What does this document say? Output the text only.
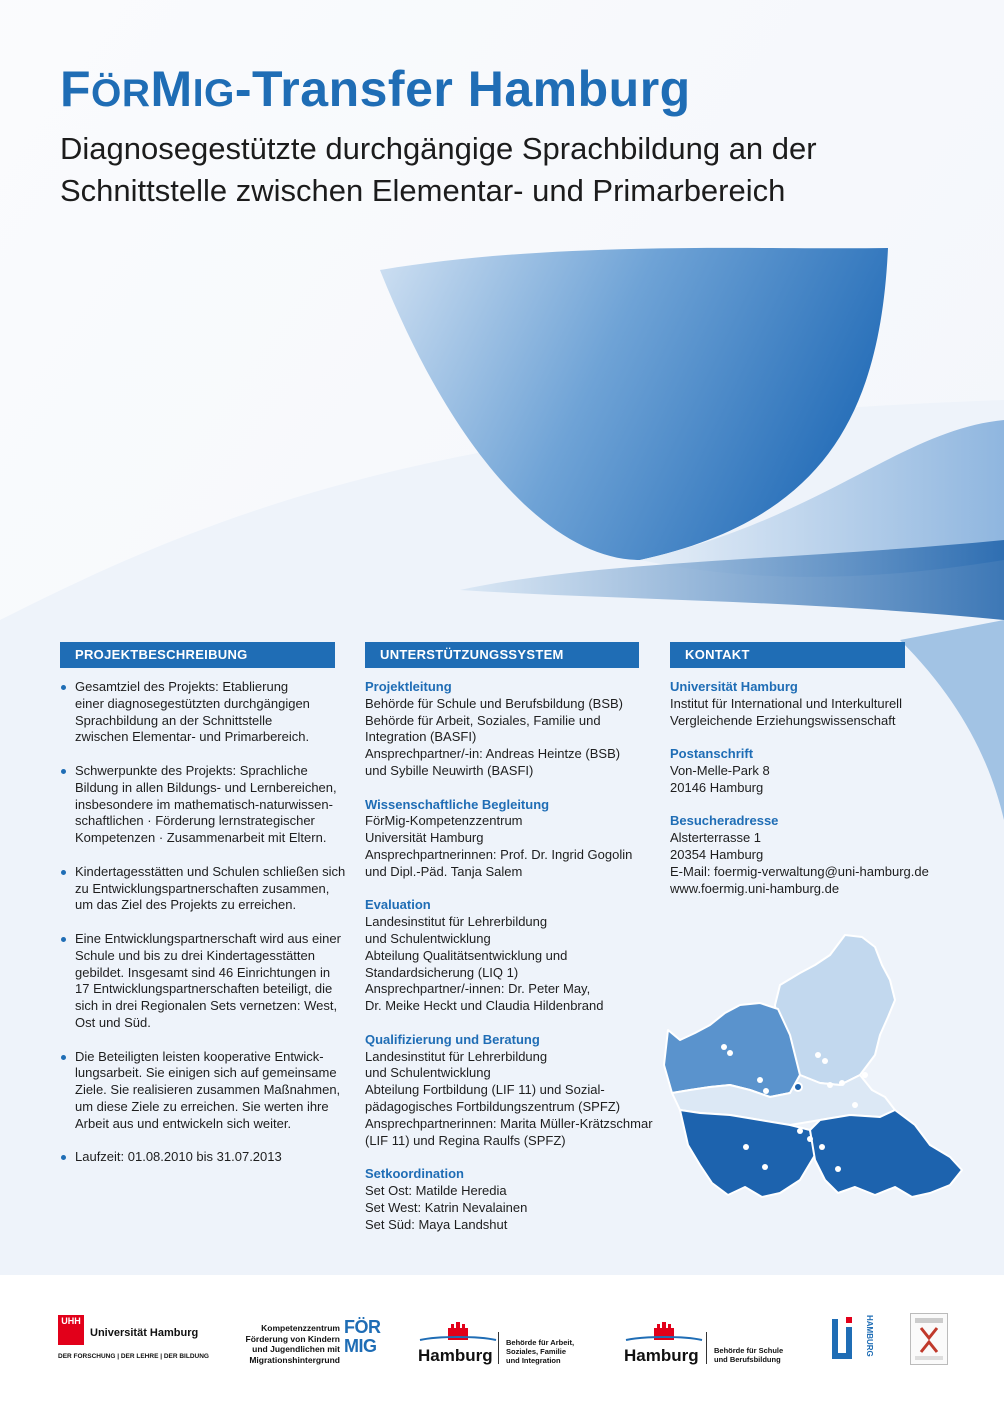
FÖRMIG-Transfer Hamburg
Diagnosegestützte durchgängige Sprachbildung an der
Schnittstelle zwischen Elementar- und Primarbereich
PROJEKTBESCHREIBUNG
Gesamtziel des Projekts: Etablierung
einer diagnosegestützten durchgängigen
Sprachbildung an der Schnittstelle
zwischen Elementar- und Primarbereich.
Schwerpunkte des Projekts: Sprachliche
Bildung in allen Bildungs- und Lernbereichen,
insbesondere im mathematisch-naturwissen-
schaftlichen · Förderung lernstrategischer
Kompetenzen · Zusammenarbeit mit Eltern.
Kindertagesstätten und Schulen schließen sich
zu Entwicklungspartnerschaften zusammen,
um das Ziel des Projekts zu erreichen.
Eine Entwicklungspartnerschaft wird aus einer
Schule und bis zu drei Kindertagesstätten
gebildet. Insgesamt sind 46 Einrichtungen in
17 Entwicklungspartnerschaften beteiligt, die
sich in drei Regionalen Sets vernetzen: West,
Ost und Süd.
Die Beteiligten leisten kooperative Entwick-
lungsarbeit. Sie einigen sich auf gemeinsame
Ziele. Sie realisieren zusammen Maßnahmen,
um diese Ziele zu erreichen. Sie werten ihre
Arbeit aus und entwickeln sich weiter.
Laufzeit: 01.08.2010 bis 31.07.2013
UNTERSTÜTZUNGSSYSTEM
Projektleitung
Behörde für Schule und Berufsbildung (BSB)
Behörde für Arbeit, Soziales, Familie und
Integration (BASFI)
Ansprechpartner/-in: Andreas Heintze (BSB)
und Sybille Neuwirth (BASFI)
Wissenschaftliche Begleitung
FörMig-Kompetenzzentrum
Universität Hamburg
Ansprechpartnerinnen: Prof. Dr. Ingrid Gogolin
und Dipl.-Päd. Tanja Salem
Evaluation
Landesinstitut für Lehrerbildung
und Schulentwicklung
Abteilung Qualitätsentwicklung und
Standardsicherung (LIQ 1)
Ansprechpartner/-innen: Dr. Peter May,
Dr. Meike Heckt und Claudia Hildenbrand
Qualifizierung und Beratung
Landesinstitut für Lehrerbildung
und Schulentwicklung
Abteilung Fortbildung (LIF 11) und Sozial-
pädagogisches Fortbildungszentrum (SPFZ)
Ansprechpartnerinnen: Marita Müller-Krätzschmar
(LIF 11) und Regina Raulfs (SPFZ)
Setkoordination
Set Ost: Matilde Heredia
Set West: Katrin Nevalainen
Set Süd: Maya Landshut
KONTAKT
Universität Hamburg
Institut für International und Interkulturell
Vergleichende Erziehungswissenschaft
Postanschrift
Von-Melle-Park 8
20146 Hamburg
Besucheradresse
Alsterterrasse 1
20354 Hamburg
E-Mail: foermig-verwaltung@uni-hamburg.de
www.foermig.uni-hamburg.de
UHH
Universität Hamburg
DER FORSCHUNG | DER LEHRE | DER BILDUNG
Kompetenzzentrum
Förderung von Kindern
und Jugendlichen mit
Migrationshintergrund
FÖR
MIG	Hamburg
Behörde für Arbeit,
Soziales, Familie
und Integration	Hamburg Behörde für Schule
und Berufsbildung
HAMBURG
